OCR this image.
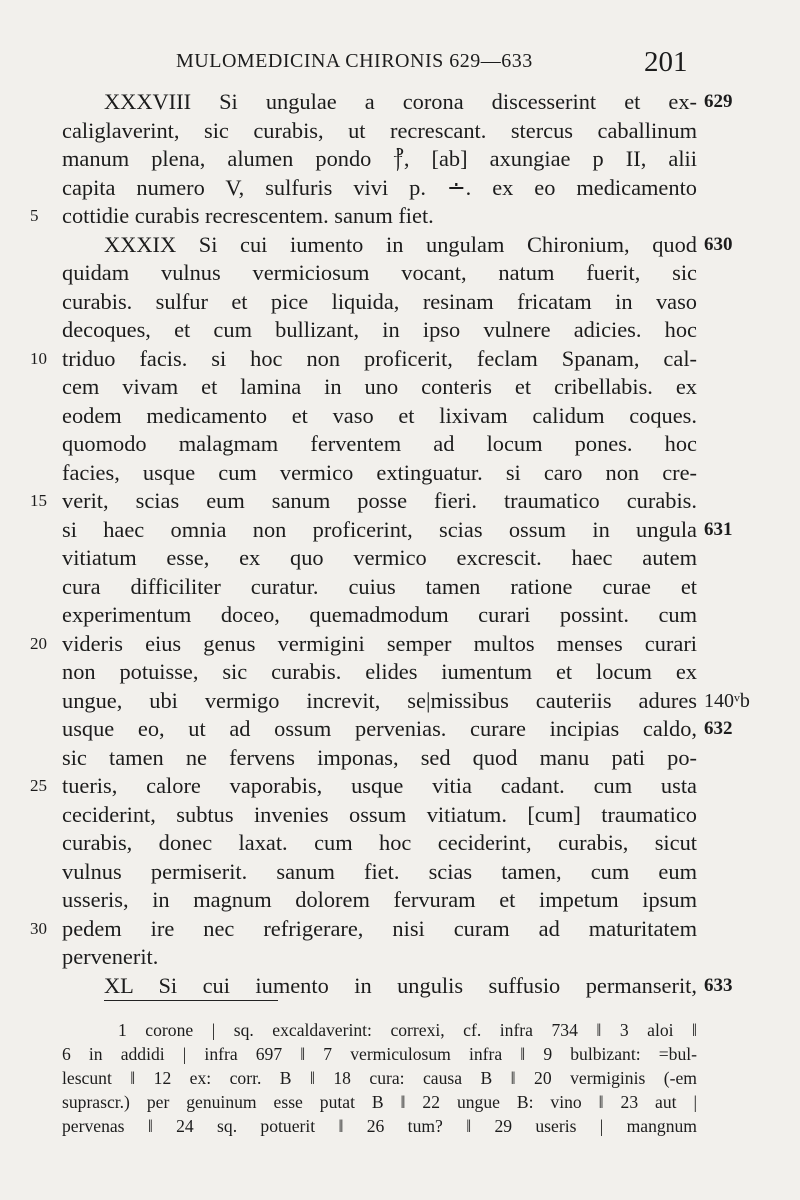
MULOMEDICINA CHIRONIS 629—633	201
XXXVIII Si ungulae a corona discesserint et ex- 629
caliglaverint, sic curabis, ut recrescant. stercus caballinum
manum plena, alumen pondo ⳨, [ab] axungiae p II, alii
capita numero V, sulfuris vivi p. ∸. ex eo medicamento
5	cottidie curabis recrescentem. sanum fiet.
XXXIX Si cui iumento in ungulam Chironium, quod 630
quidam vulnus vermiciosum vocant, natum fuerit, sic
curabis. sulfur et pice liquida, resinam fricatam in vaso
decoques, et cum bullizant, in ipso vulnere adicies. hoc
10 triduo facis. si hoc non proficerit, feclam Spanam, cal-
cem vivam et lamina in uno conteris et cribellabis. ex
eodem medicamento et vaso et lixivam calidum coques.
quomodo malagmam ferventem ad locum pones. hoc
facies, usque cum vermico extinguatur. si caro non cre-
15 verit, scias eum sanum posse fieri. traumatico curabis.
si haec omnia non proficerint, scias ossum in ungula 631
vitiatum esse, ex quo vermico excrescit. haec autem
cura difficiliter curatur. cuius tamen ratione curae et
experimentum doceo, quemadmodum curari possint. cum
20 videris eius genus vermigini semper multos menses curari
non potuisse, sic curabis. elides iumentum et locum ex
ungue, ubi vermigo increvit, se|missibus cauteriis adures 140ᵛb
usque eo, ut ad ossum pervenias. curare incipias caldo, 632
sic tamen ne fervens imponas, sed quod manu pati po-
25 tueris, calore vaporabis, usque vitia cadant. cum usta
ceciderint, subtus invenies ossum vitiatum. [cum] traumatico
curabis, donec laxat. cum hoc ceciderint, curabis, sicut
vulnus permiserit. sanum fiet. scias tamen, cum eum
usseris, in magnum dolorem fervuram et impetum ipsum
30 pedem ire nec refrigerare, nisi curam ad maturitatem
pervenerit.
XL Si cui iumento in ungulis suffusio permanserit, 633
1 corone | sq. excaldaverint: correxi, cf. infra 734 ‖ 3 aloi ‖
6 in addidi | infra 697 ‖ 7 vermiculosum infra ‖ 9 bulbizant: =bul-
lescunt ‖ 12 ex: corr. B ‖ 18 cura: causa B ‖ 20 vermiginis (-em
suprascr.) per genuinum esse putat B ‖ 22 ungue B: vino ‖ 23 aut |
pervenas ‖ 24 sq. potuerit ‖ 26 tum? ‖ 29 useris | mangnum
